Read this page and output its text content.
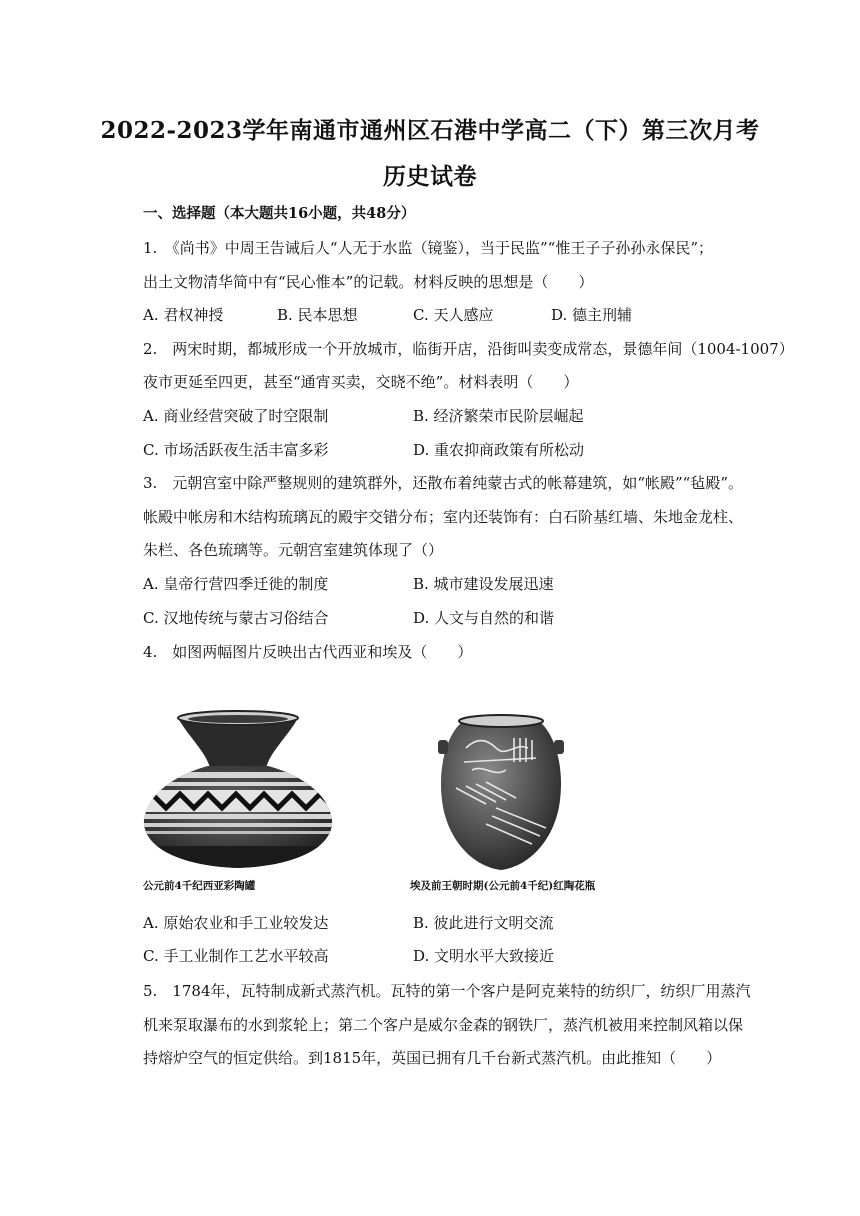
2022-2023学年南通市通州区石港中学高二（下）第三次月考
历史试卷
一、选择题（本大题共16小题，共48分）
1.　《尚书》中周王告诫后人“人无于水监（镜鉴），当于民监”“惟王子子孙孙永保民”；
出土文物清华简中有“民心惟本”的记载。材料反映的思想是（　　）
A. 君权神授	B. 民本思想	C. 天人感应	D. 德主刑辅
2.　两宋时期，都城形成一个开放城市，临街开店，沿街叫卖变成常态，景德年间（1004-1007）
夜市更延至四更，甚至“通宵买卖，交晓不绝”。材料表明（　　）
A. 商业经营突破了时空限制	B. 经济繁荣市民阶层崛起
C. 市场活跃夜生活丰富多彩	D. 重农抑商政策有所松动
3.　元朝宫室中除严整规则的建筑群外，还散布着纯蒙古式的帐幕建筑，如“帐殿”“毡殿”。
帐殿中帐房和木结构琉璃瓦的殿宇交错分布；室内还装饰有：白石阶基红墙、朱地金龙柱、
朱栏、各色琉璃等。元朝宫室建筑体现了（）
A. 皇帝行营四季迁徙的制度	B. 城市建设发展迅速
C. 汉地传统与蒙古习俗结合	D. 人文与自然的和谐
4.　如图两幅图片反映出古代西亚和埃及（　　）
公元前4千纪西亚彩陶罐	埃及前王朝时期(公元前4千纪)红陶花瓶
A. 原始农业和手工业较发达	B. 彼此进行文明交流
C. 手工业制作工艺水平较高	D. 文明水平大致接近
5.　1784年，瓦特制成新式蒸汽机。瓦特的第一个客户是阿克莱特的纺织厂，纺织厂用蒸汽
机来泵取瀑布的水到浆轮上；第二个客户是威尔金森的钢铁厂，蒸汽机被用来控制风箱以保
持熔炉空气的恒定供给。到1815年，英国已拥有几千台新式蒸汽机。由此推知（　　）
